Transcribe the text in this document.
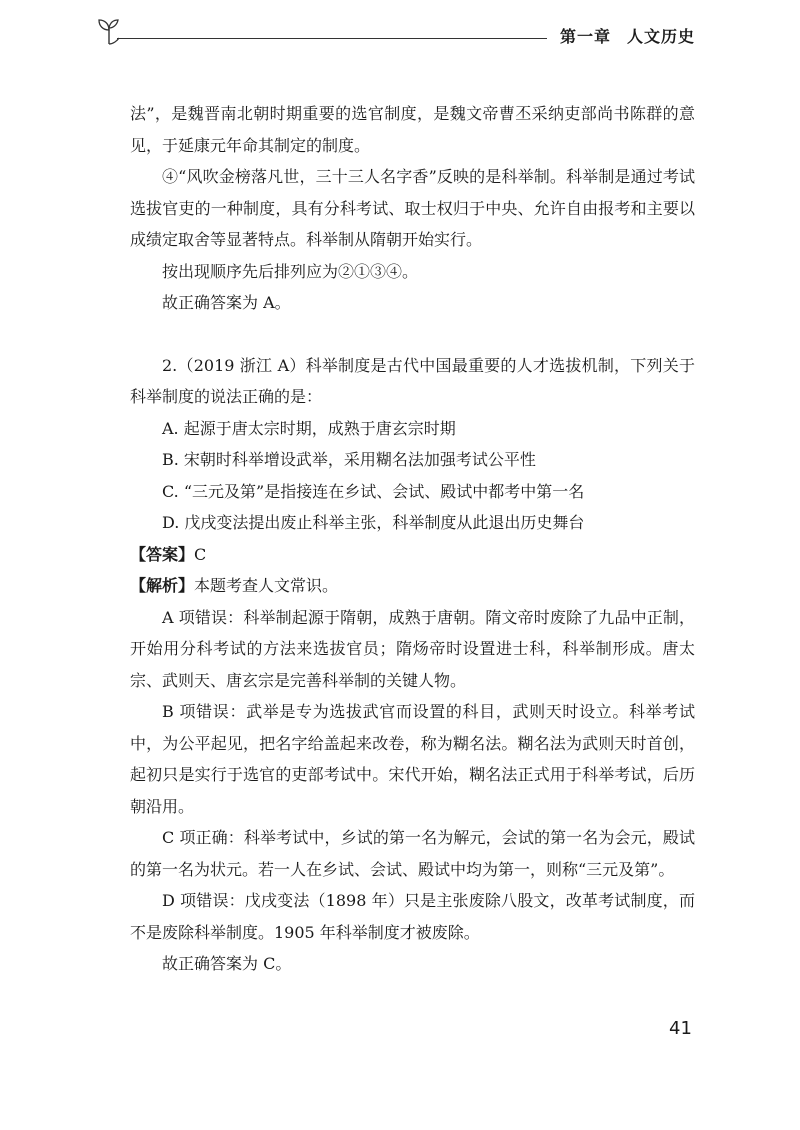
第一章 人文历史

法”，是魏晋南北朝时期重要的选官制度，是魏文帝曹丕采纳吏部尚书陈群的意见，于延康元年命其制定的制度。

④“风吹金榜落凡世，三十三人名字香”反映的是科举制。科举制是通过考试选拔官吏的一种制度，具有分科考试、取士权归于中央、允许自由报考和主要以成绩定取舍等显著特点。科举制从隋朝开始实行。

按出现顺序先后排列应为②①③④。

故正确答案为 A。

2.（2019 浙江 A）科举制度是古代中国最重要的人才选拔机制，下列关于科举制度的说法正确的是：

A. 起源于唐太宗时期，成熟于唐玄宗时期

B. 宋朝时科举增设武举，采用糊名法加强考试公平性

C. “三元及第”是指接连在乡试、会试、殿试中都考中第一名

D. 戊戌变法提出废止科举主张，科举制度从此退出历史舞台

【答案】C

【解析】本题考查人文常识。

A 项错误：科举制起源于隋朝，成熟于唐朝。隋文帝时废除了九品中正制，开始用分科考试的方法来选拔官员；隋炀帝时设置进士科，科举制形成。唐太宗、武则天、唐玄宗是完善科举制的关键人物。

B 项错误：武举是专为选拔武官而设置的科目，武则天时设立。科举考试中，为公平起见，把名字给盖起来改卷，称为糊名法。糊名法为武则天时首创，起初只是实行于选官的吏部考试中。宋代开始，糊名法正式用于科举考试，后历朝沿用。

C 项正确：科举考试中，乡试的第一名为解元，会试的第一名为会元，殿试的第一名为状元。若一人在乡试、会试、殿试中均为第一，则称“三元及第”。

D 项错误：戊戌变法（1898 年）只是主张废除八股文，改革考试制度，而不是废除科举制度。1905 年科举制度才被废除。

故正确答案为 C。

41
